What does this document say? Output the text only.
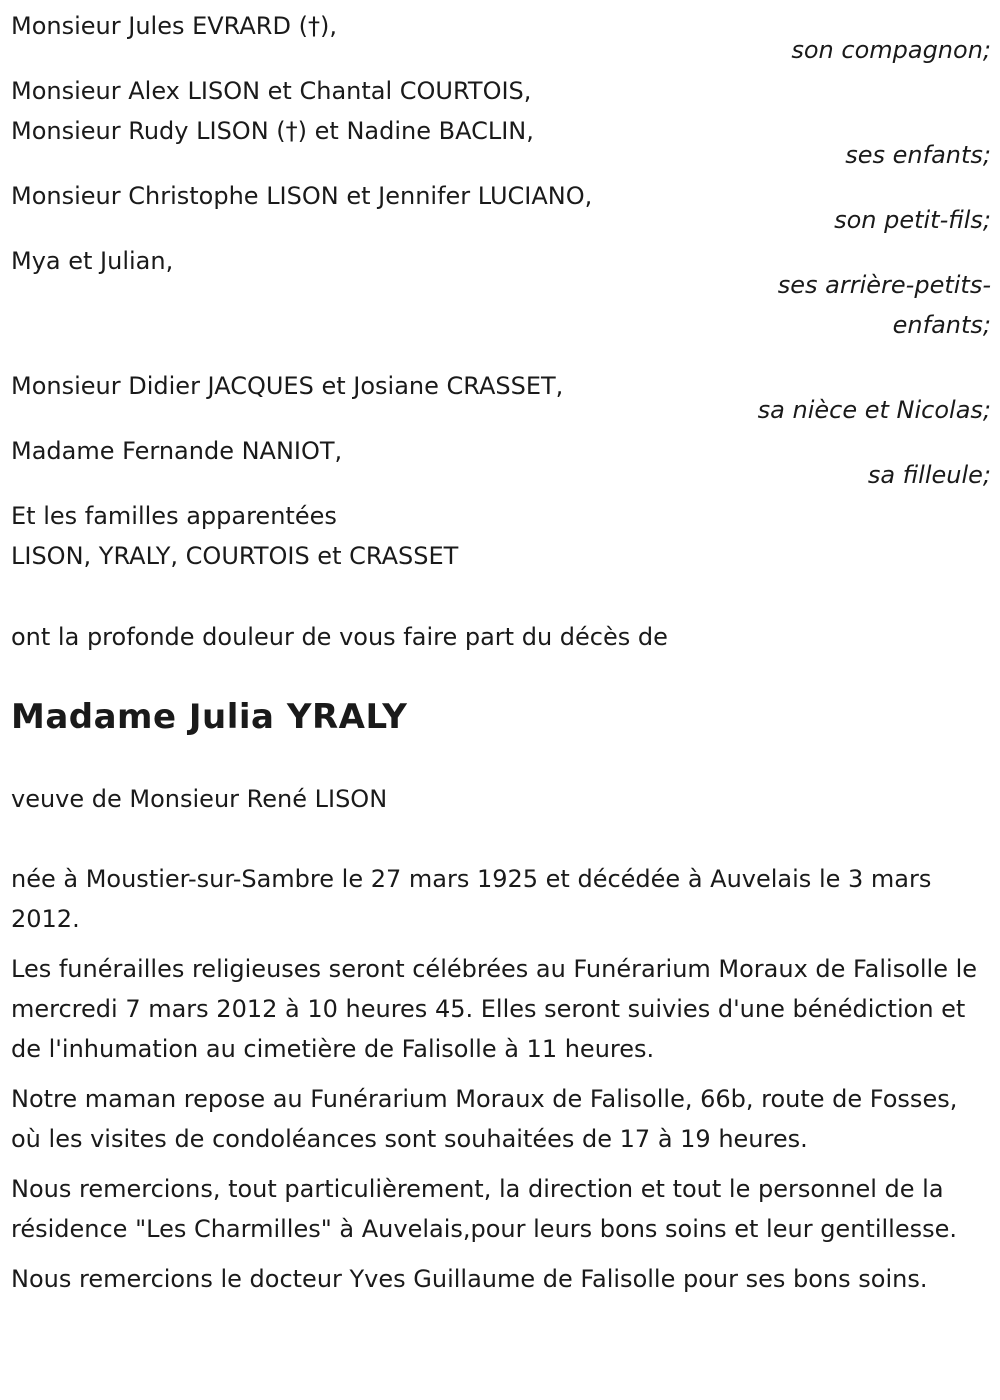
Monsieur Jules EVRARD (†),
son compagnon;
Monsieur Alex LISON et Chantal COURTOIS,
Monsieur Rudy LISON (†) et Nadine BACLIN,
ses enfants;
Monsieur Christophe LISON et Jennifer LUCIANO,
son petit-fils;
Mya et Julian,
ses arrière-petits-
enfants;
Monsieur Didier JACQUES et Josiane CRASSET,
sa nièce et Nicolas;
Madame Fernande NANIOT,
sa filleule;
Et les familles apparentées
LISON, YRALY, COURTOIS et CRASSET
ont la profonde douleur de vous faire part du décès de
Madame Julia YRALY
veuve de Monsieur René LISON
née à Moustier-sur-Sambre le 27 mars 1925 et décédée à Auvelais le 3 mars 2012.

Les funérailles religieuses seront célébrées au Funérarium Moraux de Falisolle le mercredi 7 mars 2012 à 10 heures 45. Elles seront suivies d'une bénédiction et de l'inhumation au cimetière de Falisolle à 11 heures.

Notre maman repose au Funérarium Moraux de Falisolle, 66b, route de Fosses, où les visites de condoléances sont souhaitées de 17 à 19 heures.

Nous remercions, tout particulièrement, la direction et tout le personnel de la résidence "Les Charmilles" à Auvelais,pour leurs bons soins et leur gentillesse.

Nous remercions le docteur Yves Guillaume de Falisolle pour ses bons soins.
